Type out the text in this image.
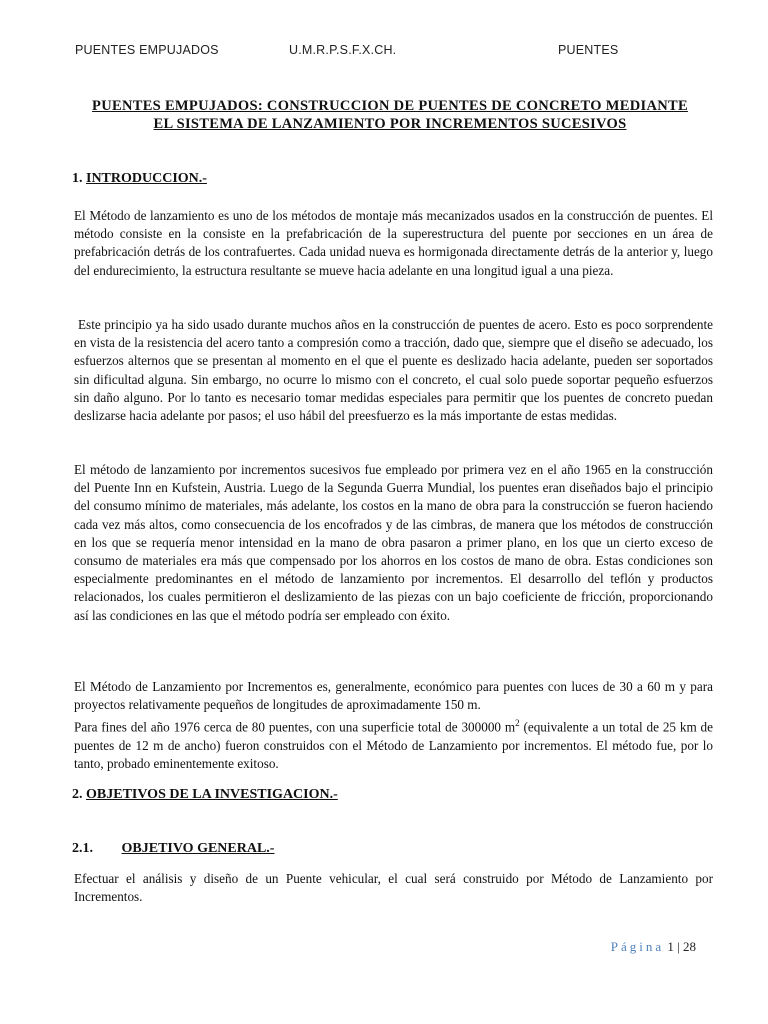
PUENTES EMPUJADOS	U.M.R.P.S.F.X.CH.	PUENTES
PUENTES EMPUJADOS: CONSTRUCCION DE PUENTES DE CONCRETO MEDIANTE
EL SISTEMA DE LANZAMIENTO POR INCREMENTOS SUCESIVOS
1. INTRODUCCION.-

El Método de lanzamiento es uno de los métodos de montaje más mecanizados usados en la construcción de puentes. El método consiste en la consiste en la prefabricación de la superestructura del puente por secciones en un área de prefabricación detrás de los contrafuertes. Cada unidad nueva es hormigonada directamente detrás de la anterior y, luego del endurecimiento, la estructura resultante se mueve hacia adelante en una longitud igual a una pieza.

Este principio ya ha sido usado durante muchos años en la construcción de puentes de acero. Esto es poco sorprendente en vista de la resistencia del acero tanto a compresión como a tracción, dado que, siempre que el diseño se adecuado, los esfuerzos alternos que se presentan al momento en el que el puente es deslizado hacia adelante, pueden ser soportados sin dificultad alguna. Sin embargo, no ocurre lo mismo con el concreto, el cual solo puede soportar pequeño esfuerzos sin daño alguno. Por lo tanto es necesario tomar medidas especiales para permitir que los puentes de concreto puedan deslizarse hacia adelante por pasos; el uso hábil del preesfuerzo es la más importante de estas medidas.

El método de lanzamiento por incrementos sucesivos fue empleado por primera vez en el año 1965 en la construcción del Puente Inn en Kufstein, Austria. Luego de la Segunda Guerra Mundial, los puentes eran diseñados bajo el principio del consumo mínimo de materiales, más adelante, los costos en la mano de obra para la construcción se fueron haciendo cada vez más altos, como consecuencia de los encofrados y de las cimbras, de manera que los métodos de construcción en los que se requería menor intensidad en la mano de obra pasaron a primer plano, en los que un cierto exceso de consumo de materiales era más que compensado por los ahorros en los costos de mano de obra. Estas condiciones son especialmente predominantes en el método de lanzamiento por incrementos. El desarrollo del teflón y productos relacionados, los cuales permitieron el deslizamiento de las piezas con un bajo coeficiente de fricción, proporcionando así las condiciones en las que el método podría ser empleado con éxito.

El Método de Lanzamiento por Incrementos es, generalmente, económico para puentes con luces de 30 a 60 m y para proyectos relativamente pequeños de longitudes de aproximadamente 150 m.

Para fines del año 1976 cerca de 80 puentes, con una superficie total de 300000 $m^2$ (equivalente a un total de 25 km de puentes de 12 m de ancho) fueron construidos con el Método de Lanzamiento por incrementos. El método fue, por lo tanto, probado eminentemente exitoso.

2. OBJETIVOS DE LA INVESTIGACION.-
2.1. OBJETIVO GENERAL.-

Efectuar el análisis y diseño de un Puente vehicular, el cual será construido por Método de Lanzamiento por Incrementos.

Página 1 | 28
